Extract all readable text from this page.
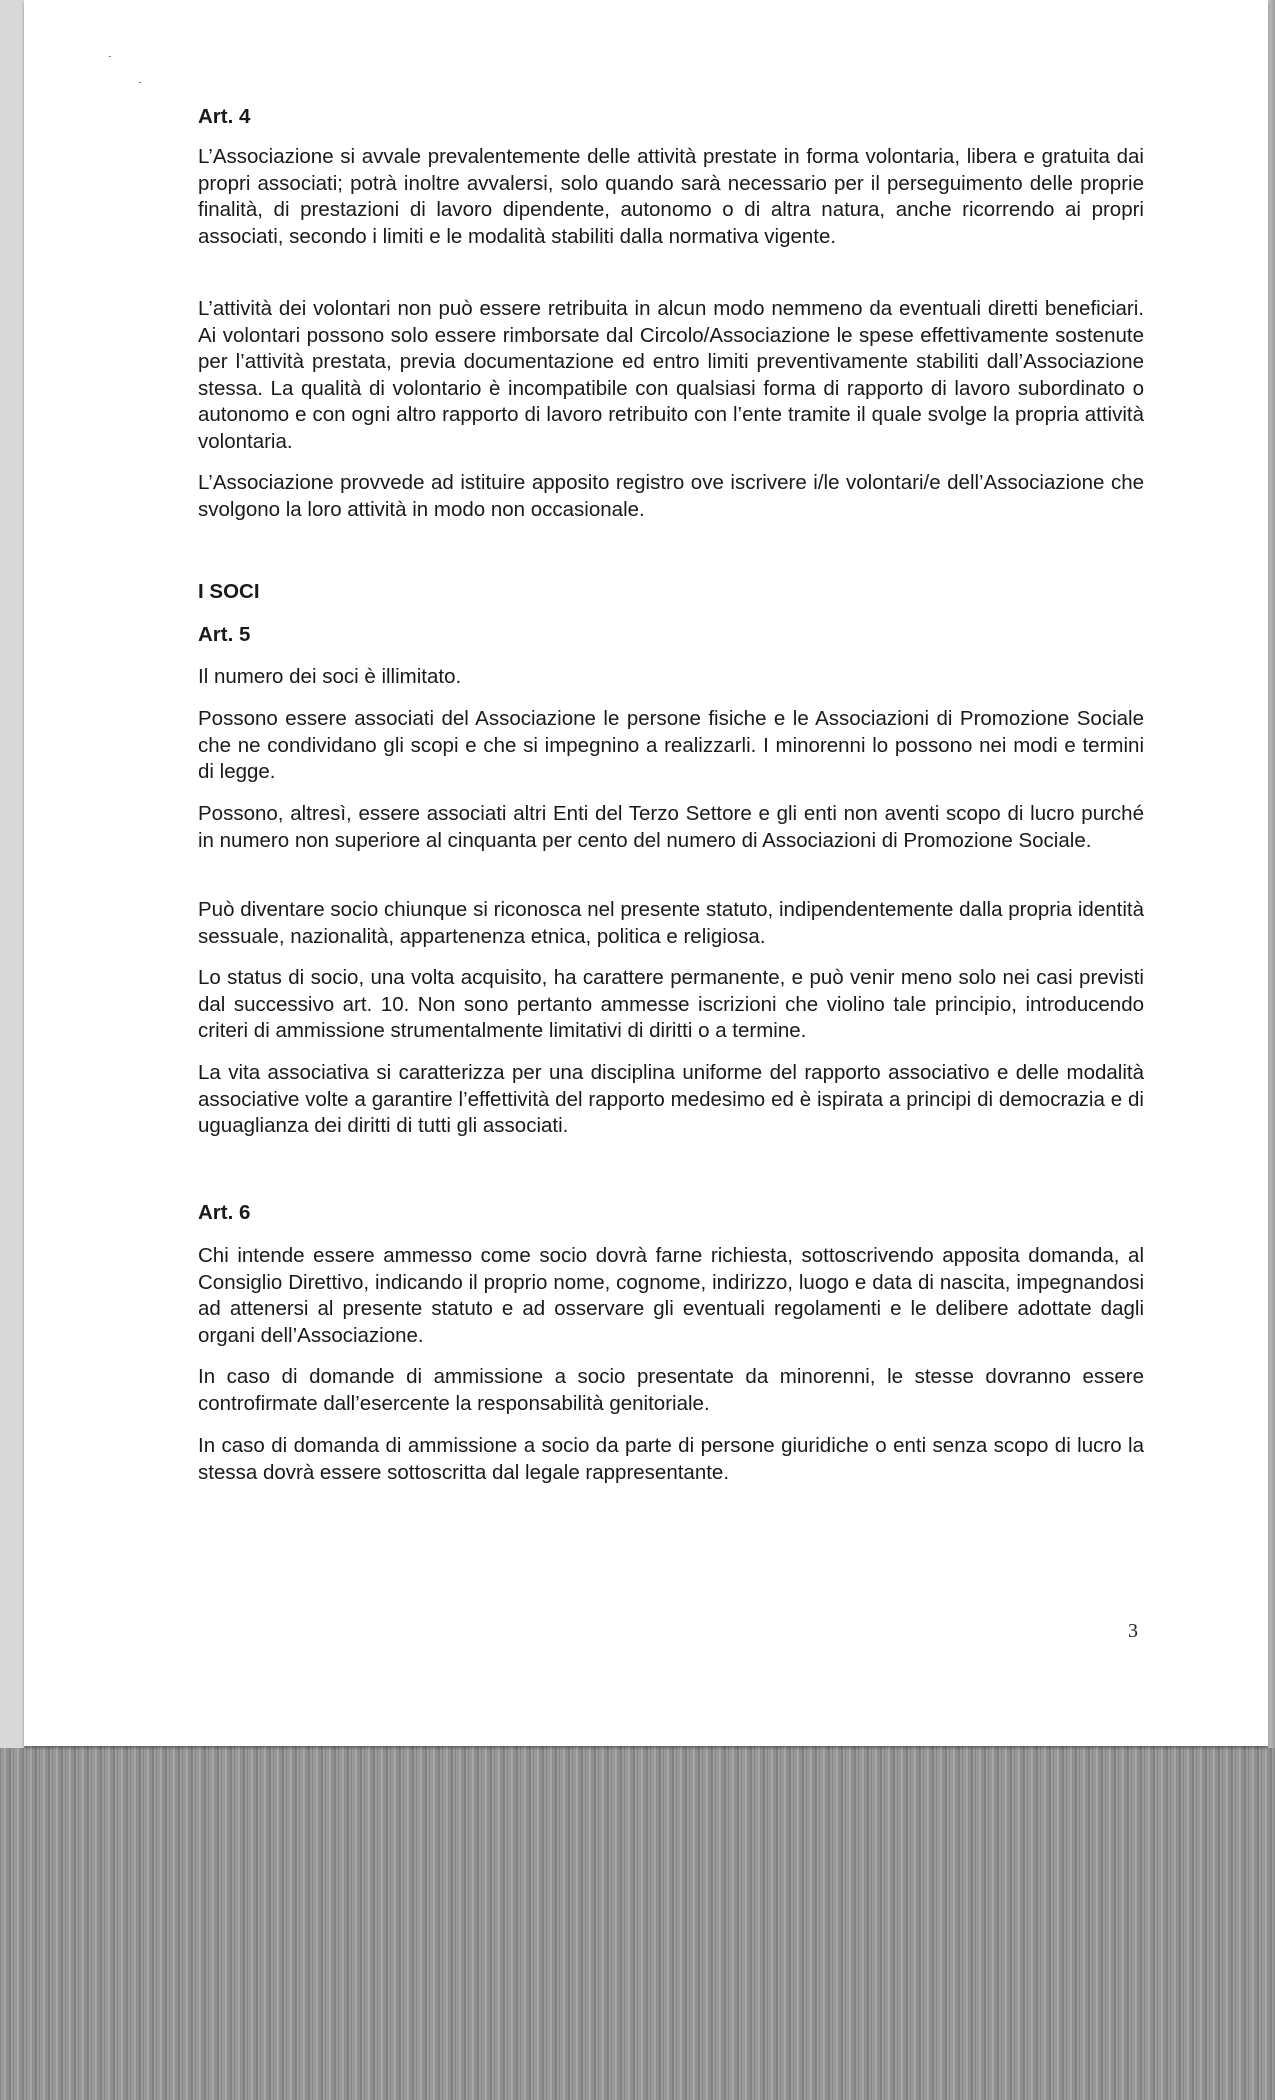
Art. 4

L’Associazione si avvale prevalentemente delle attività prestate in forma volontaria, libera e gratuita dai propri associati; potrà inoltre avvalersi, solo quando sarà necessario per il perseguimento delle proprie finalità, di prestazioni di lavoro dipendente, autonomo o di altra natura, anche ricorrendo ai propri associati, secondo i limiti e le modalità stabiliti dalla normativa vigente.

L’attività dei volontari non può essere retribuita in alcun modo nemmeno da eventuali diretti beneficiari. Ai volontari possono solo essere rimborsate dal Circolo/Associazione le spese effettivamente sostenute per l’attività prestata, previa documentazione ed entro limiti preventivamente stabiliti dall’Associazione stessa. La qualità di volontario è incompatibile con qualsiasi forma di rapporto di lavoro subordinato o autonomo e con ogni altro rapporto di lavoro retribuito con l’ente tramite il quale svolge la propria attività volontaria.

L’Associazione provvede ad istituire apposito registro ove iscrivere i/le volontari/e dell’Associazione che svolgono la loro attività in modo non occasionale.

I SOCI
Art. 5

Il numero dei soci è illimitato.

Possono essere associati del Associazione le persone fisiche e le Associazioni di Promozione Sociale che ne condividano gli scopi e che si impegnino a realizzarli. I minorenni lo possono nei modi e termini di legge.

Possono, altresì, essere associati altri Enti del Terzo Settore e gli enti non aventi scopo di lucro purché in numero non superiore al cinquanta per cento del numero di Associazioni di Promozione Sociale.

Può diventare socio chiunque si riconosca nel presente statuto, indipendentemente dalla propria identità sessuale, nazionalità, appartenenza etnica, politica e religiosa.

Lo status di socio, una volta acquisito, ha carattere permanente, e può venir meno solo nei casi previsti dal successivo art. 10. Non sono pertanto ammesse iscrizioni che violino tale principio, introducendo criteri di ammissione strumentalmente limitativi di diritti o a termine.

La vita associativa si caratterizza per una disciplina uniforme del rapporto associativo e delle modalità associative volte a garantire l’effettività del rapporto medesimo ed è ispirata a principi di democrazia e di uguaglianza dei diritti di tutti gli associati.

Art. 6

Chi intende essere ammesso come socio dovrà farne richiesta, sottoscrivendo apposita domanda, al Consiglio Direttivo, indicando il proprio nome, cognome, indirizzo, luogo e data di nascita, impegnandosi ad attenersi al presente statuto e ad osservare gli eventuali regolamenti e le delibere adottate dagli organi dell’Associazione.

In caso di domande di ammissione a socio presentate da minorenni, le stesse dovranno essere controfirmate dall’esercente la responsabilità genitoriale.

In caso di domanda di ammissione a socio da parte di persone giuridiche o enti senza scopo di lucro la stessa dovrà essere sottoscritta dal legale rappresentante.

3
